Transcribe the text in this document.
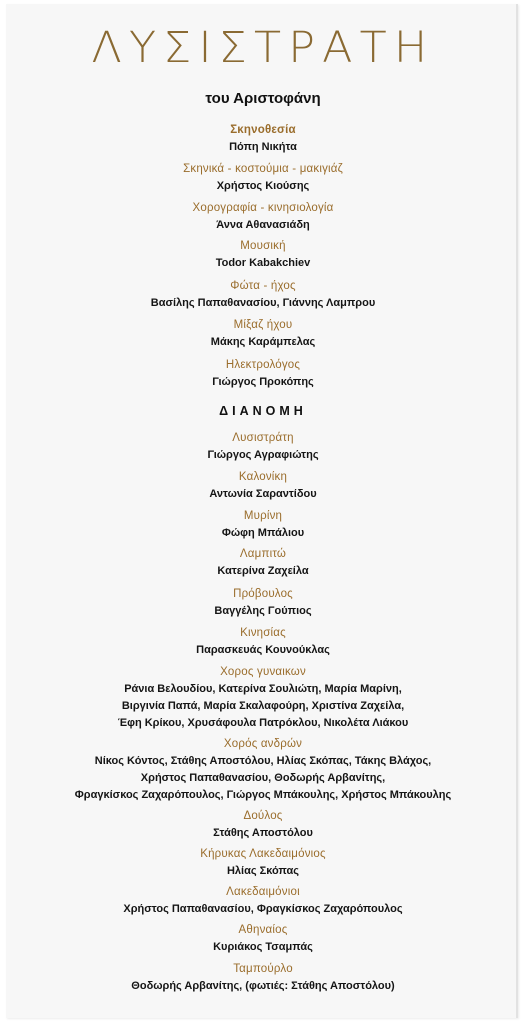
ΛΥΣΙΣΤΡΑΤΗ
του Αριστοφάνη
Σκηνοθεσία
Πόπη Νικήτα
Σκηνικά - κοστούμια - μακιγιάζ
Χρήστος Κιούσης
Χορογραφία - κινησιολογία
Άννα Αθανασιάδη
Μουσική
Todor Kabakchiev
Φώτα - ήχος
Βασίλης Παπαθανασίου, Γιάννης Λαμπρου
Μίξαζ ήχου
Μάκης Καράμπελας
Ηλεκτρολόγος
Γιώργος Προκόπης
ΔΙΑΝΟΜΗ
Λυσιστράτη
Γιώργος Αγραφιώτης
Καλονίκη
Αντωνία Σαραντίδου
Μυρίνη
Φώφη Μπάλιου
Λαμπιτώ
Κατερίνα Ζαχείλα
Πρόβουλος
Βαγγέλης Γούπιος
Κινησίας
Παρασκευάς Κουνούκλας
Χορος γυναικων
Ράνια Βελουδίου, Κατερίνα Σουλιώτη, Μαρία Μαρίνη,
Βιργινία Παπά, Μαρία Σκαλαφούρη, Χριστίνα Ζαχείλα,
Έφη Κρίκου, Χρυσάφουλα Πατρόκλου, Νικολέτα Λιάκου
Χορός ανδρών
Νίκος Κόντος, Στάθης Αποστόλου, Ηλίας Σκόπας, Τάκης Βλάχος,
Χρήστος Παπαθανασίου, Θοδωρής Αρβανίτης,
Φραγκίσκος Ζαχαρόπουλος, Γιώργος Μπάκουλης, Χρήστος Μπάκουλης
Δούλος
Στάθης Αποστόλου
Κήρυκας Λακεδαιμόνιος
Ηλίας Σκόπας
Λακεδαιμόνιοι
Χρήστος Παπαθανασίου, Φραγκίσκος Ζαχαρόπουλος
Αθηναίος
Κυριάκος Τσαμπάς
Ταμπούρλο
Θοδωρής Αρβανίτης, (φωτιές: Στάθης Αποστόλου)
